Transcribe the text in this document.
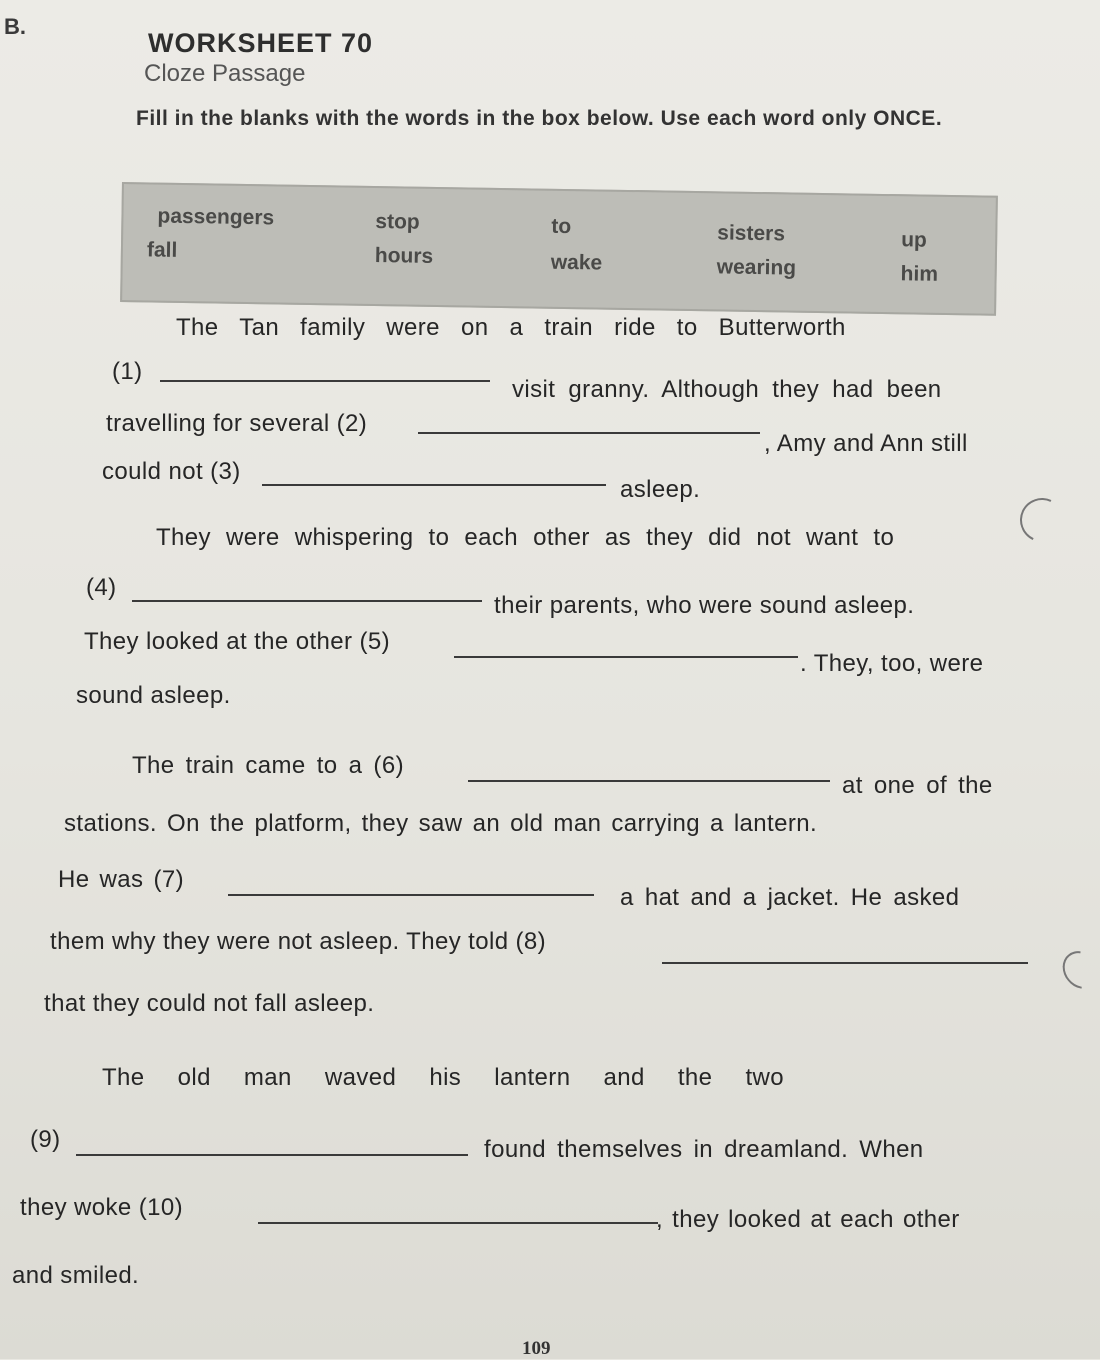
B.
WORKSHEET 70
Cloze Passage
Fill in the blanks with the words in the box below. Use each word only ONCE.
passengers	stop	to	sisters	up
fall	hours	wake	wearing	him
The Tan family were on a train ride to Butterworth
(1)
visit granny. Although they had been
travelling for several (2)
, Amy and Ann still
could not (3)
asleep.
They were whispering to each other as they did not want to
(4)
their parents, who were sound asleep.
They looked at the other (5)
. They, too, were
sound asleep.
The train came to a (6)
at one of the
stations. On the platform, they saw an old man carrying a lantern.
He was (7)
a hat and a jacket. He asked
them why they were not asleep. They told (8)
that they could not fall asleep.
The old man waved his lantern and the two
(9)	found themselves in dreamland. When
they woke (10)	, they looked at each other
and smiled.
109
